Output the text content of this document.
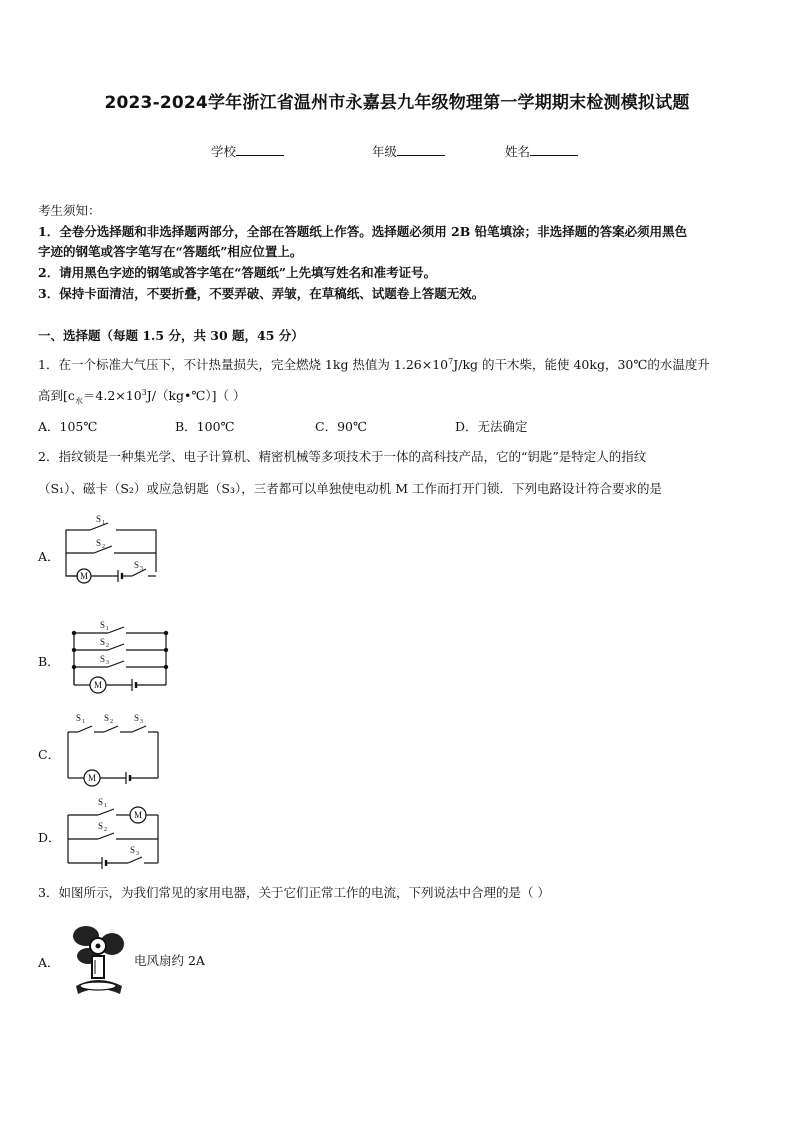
2023-2024学年浙江省温州市永嘉县九年级物理第一学期期末检测模拟试题
学校	年级	姓名
考生须知：
1．全卷分选择题和非选择题两部分，全部在答题纸上作答。选择题必须用 2B 铅笔填涂；非选择题的答案必须用黑色
字迹的钢笔或答字笔写在“答题纸”相应位置上。
2．请用黑色字迹的钢笔或答字笔在“答题纸”上先填写姓名和准考证号。
3．保持卡面清洁，不要折叠，不要弄破、弄皱，在草稿纸、试题卷上答题无效。
一、选择题（每题 1.5 分，共 30 题，45 分）
1．在一个标准大气压下，不计热量损失，完全燃烧 1kg 热值为 $1.26\times 10^7J/kg$ 的干木柴，能使 40kg，30℃的水温度升
高到$[c_水=4.2\times 10^3J/(kg•℃)]$（ ）
A．105℃	B．100℃	C．90℃	D．无法确定
2．指纹锁是一种集光学、电子计算机、精密机械等多项技术于一体的高科技产品，它的“钥匙”是特定人的指纹
（S₁）、磁卡（S₂）或应急钥匙（S₃），三者都可以单独使电动机 M 工作而打开门锁．下列电路设计符合要求的是
A．
M
S 1
S 2
S 3
B．
M
S 1
S 2
S 3
C．
M
S 1 S 2 S 3
D．
M
S 1
S 2
S 3
3．如图所示，为我们常见的家用电器，关于它们正常工作的电流，下列说法中合理的是（ ）
A．	电风扇约 2A
